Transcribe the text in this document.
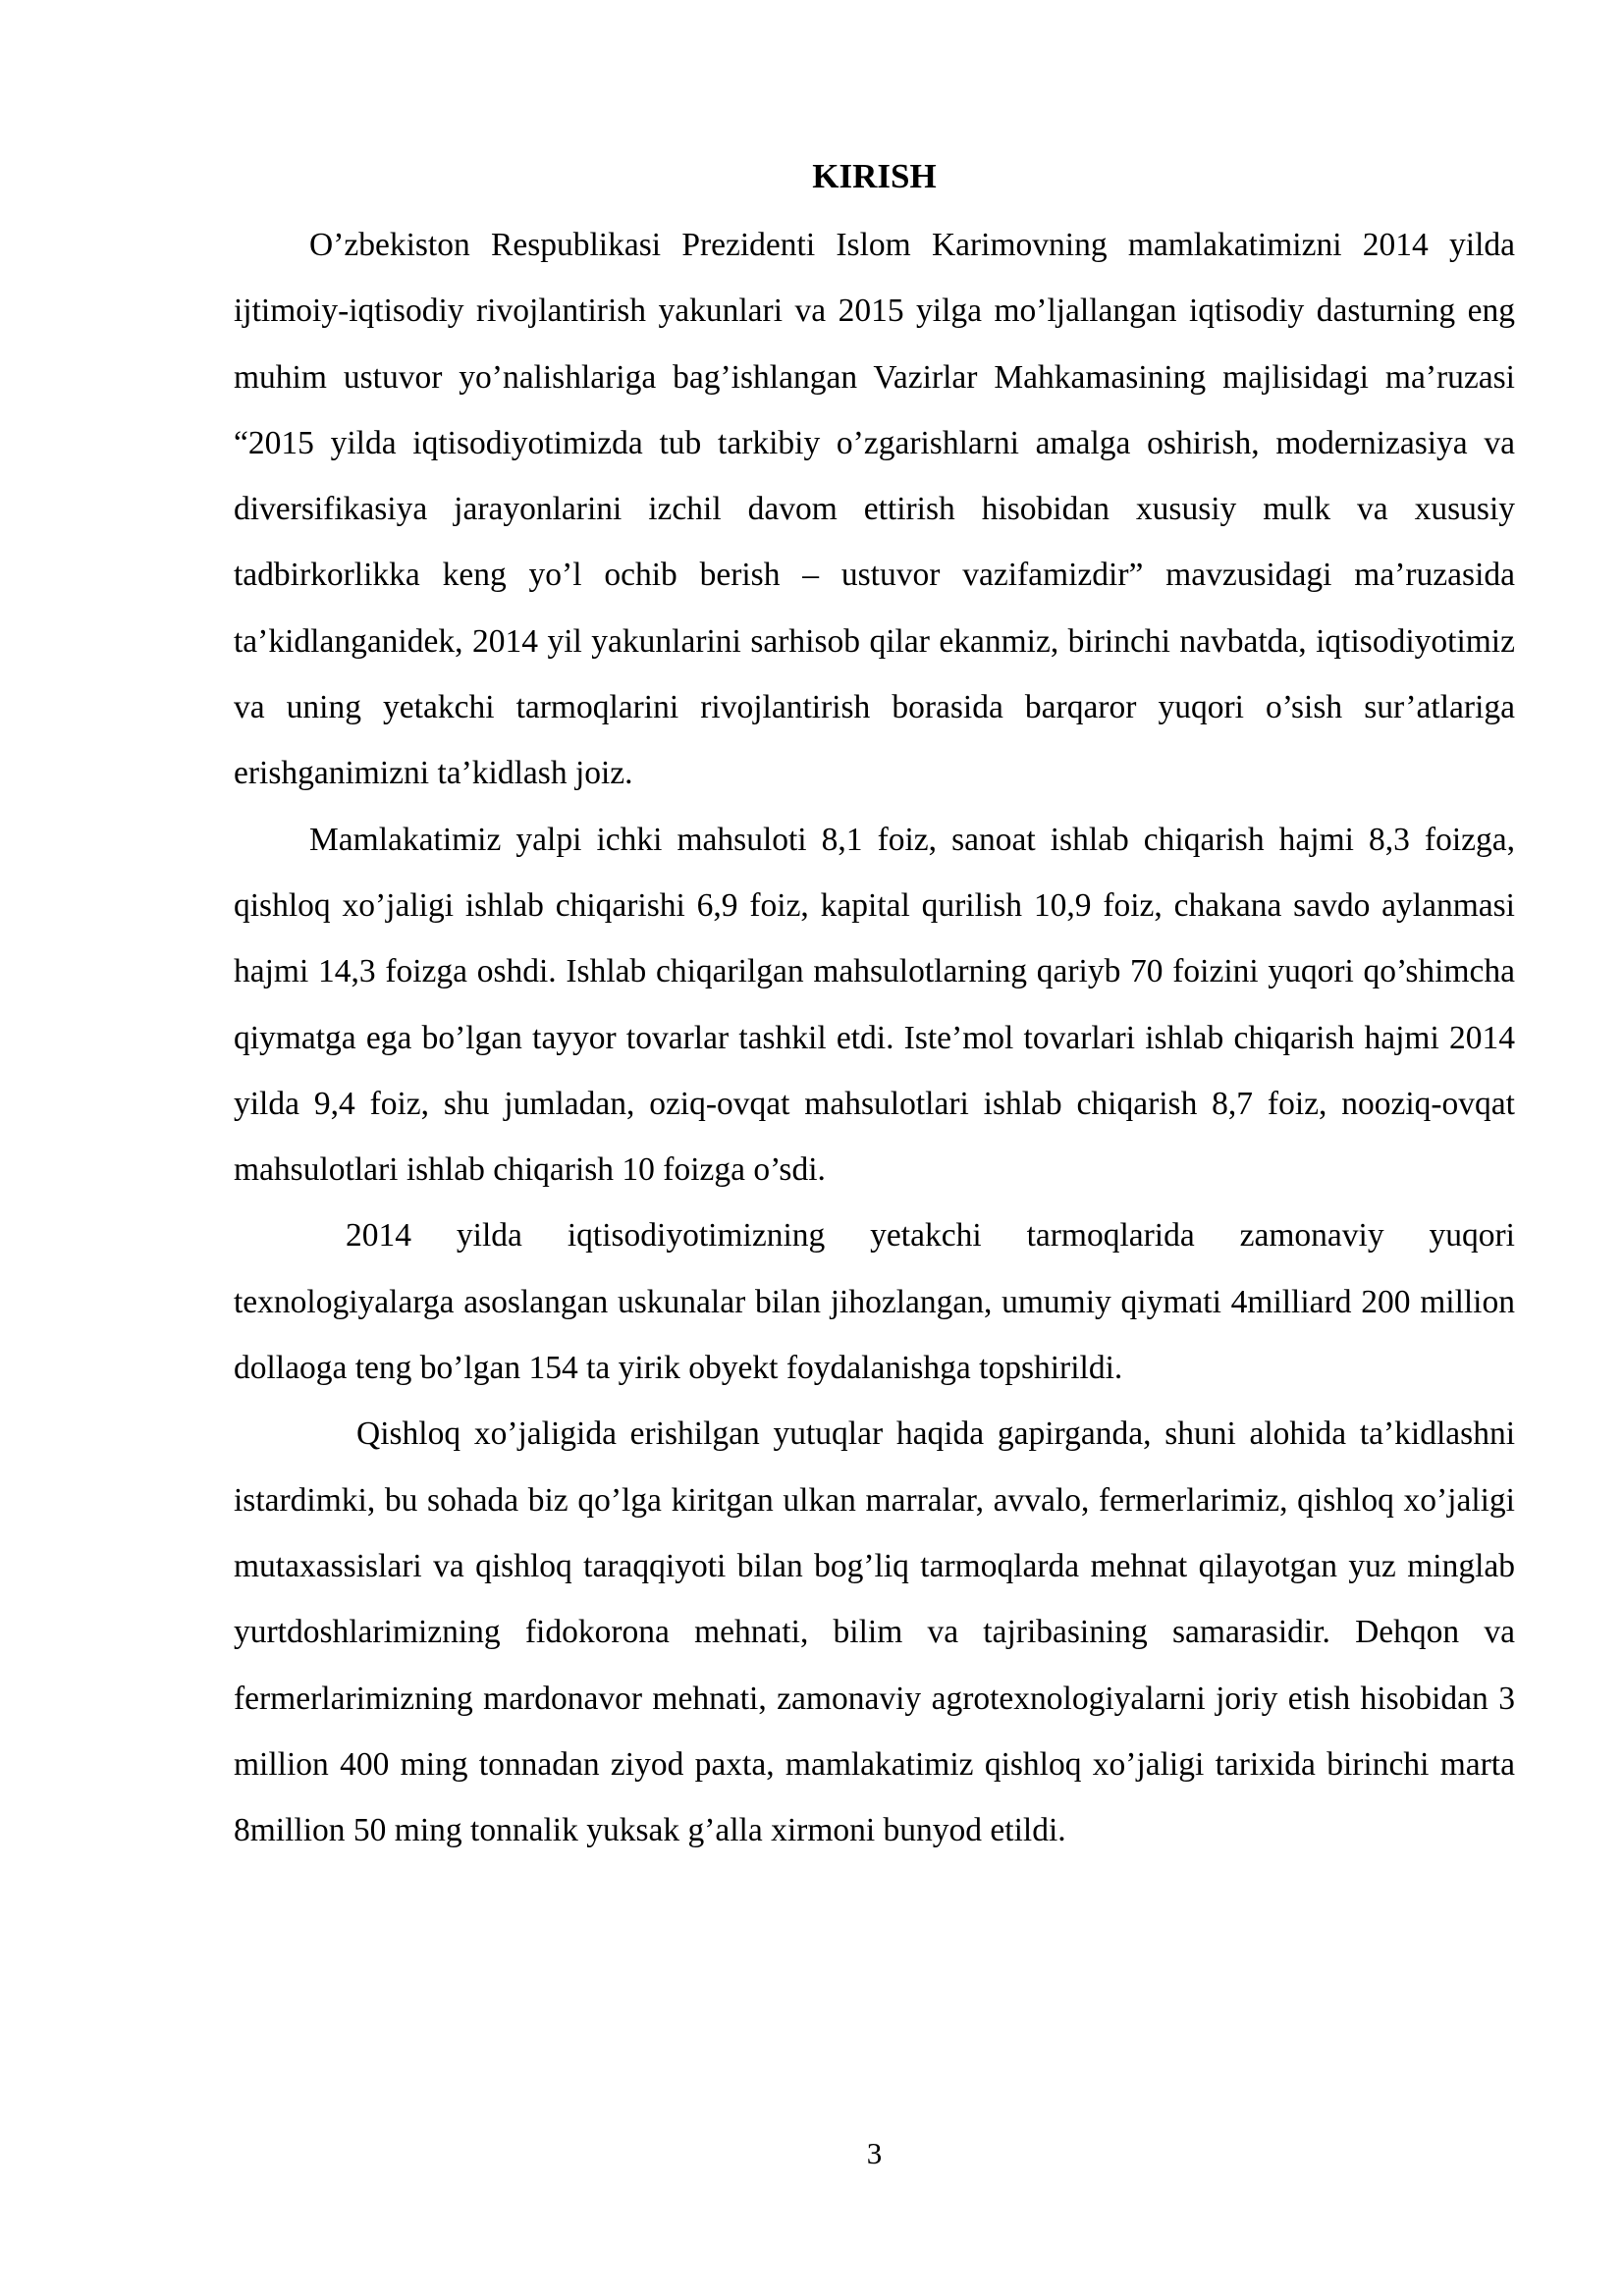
KIRISH

O’zbekiston Respublikasi Prezidenti Islom Karimovning mamlakatimizni 2014 yilda ijtimoiy-iqtisodiy rivojlantirish yakunlari va 2015 yilga mo’ljallangan iqtisodiy dasturning eng muhim ustuvor yo’nalishlariga bag’ishlangan Vazirlar Mahkamasining majlisidagi ma’ruzasi “2015 yilda iqtisodiyotimizda tub tarkibiy o’zgarishlarni amalga oshirish, modernizasiya va diversifikasiya jarayonlarini izchil davom ettirish hisobidan xususiy mulk va xususiy tadbirkorlikka keng yo’l ochib berish – ustuvor vazifamizdir” mavzusidagi ma’ruzasida ta’kidlanganidek, 2014 yil yakunlarini sarhisob qilar ekanmiz, birinchi navbatda, iqtisodiyotimiz va uning yetakchi tarmoqlarini rivojlantirish borasida barqaror yuqori o’sish sur’atlariga erishganimizni ta’kidlash joiz.

Mamlakatimiz yalpi ichki mahsuloti 8,1 foiz, sanoat ishlab chiqarish hajmi 8,3 foizga, qishloq xo’jaligi ishlab chiqarishi 6,9 foiz, kapital qurilish 10,9 foiz, chakana savdo aylanmasi hajmi 14,3 foizga oshdi. Ishlab chiqarilgan mahsulotlarning qariyb 70 foizini yuqori qo’shimcha qiymatga ega bo’lgan tayyor tovarlar tashkil etdi. Iste’mol tovarlari ishlab chiqarish hajmi 2014 yilda 9,4 foiz, shu jumladan, oziq-ovqat mahsulotlari ishlab chiqarish 8,7 foiz, nooziq-ovqat mahsulotlari ishlab chiqarish 10 foizga o’sdi.

2014 yilda iqtisodiyotimizning yetakchi tarmoqlarida zamonaviy yuqori texnologiyalarga asoslangan uskunalar bilan jihozlangan, umumiy qiymati 4milliard 200 million dollaoga teng bo’lgan 154 ta yirik obyekt foydalanishga topshirildi.

Qishloq xo’jaligida erishilgan yutuqlar haqida gapirganda, shuni alohida ta’kidlashni istardimki, bu sohada biz qo’lga kiritgan ulkan marralar, avvalo, fermerlarimiz, qishloq xo’jaligi mutaxassislari va qishloq taraqqiyoti bilan bog’liq tarmoqlarda mehnat qilayotgan yuz minglab yurtdoshlarimizning fidokorona mehnati, bilim va tajribasining samarasidir. Dehqon va fermerlarimizning mardonavor mehnati, zamonaviy agrotexnologiyalarni joriy etish hisobidan 3 million 400 ming tonnadan ziyod paxta, mamlakatimiz qishloq xo’jaligi tarixida birinchi marta 8million 50 ming tonnalik yuksak g’alla xirmoni bunyod etildi.

3
